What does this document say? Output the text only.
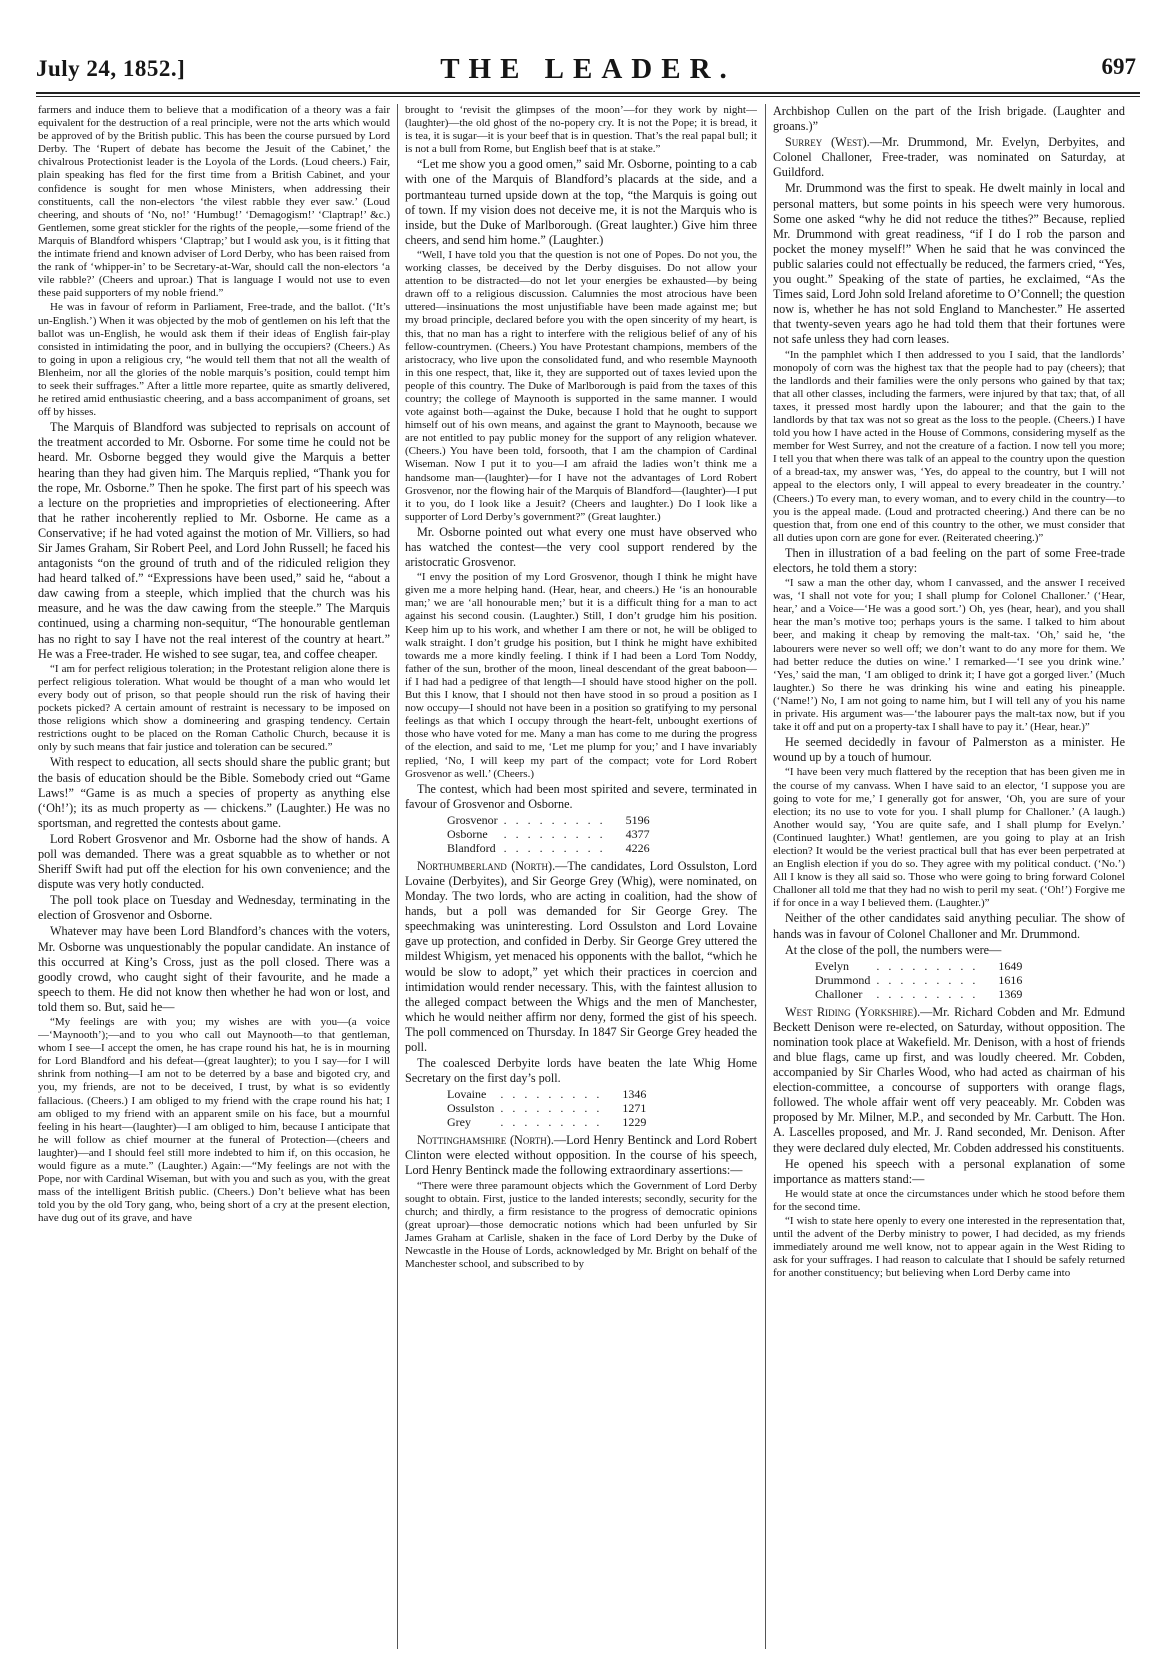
July 24, 1852.]	THE LEADER.	697

farmers and induce them to believe that a modification of a theory was a fair equivalent for the destruction of a real principle, were not the arts which would be approved of by the British public. This has been the course pursued by Lord Derby. The ‘Rupert of debate has become the Jesuit of the Cabinet,’ the chivalrous Protectionist leader is the Loyola of the Lords. (Loud cheers.) Fair, plain speaking has fled for the first time from a British Cabinet, and your confidence is sought for men whose Ministers, when addressing their constituents, call the non-electors ‘the vilest rabble they ever saw.’ (Loud cheering, and shouts of ‘No, no!’ ‘Humbug!’ ‘Demagogism!’ ‘Claptrap!’ &c.) Gentlemen, some great stickler for the rights of the people,—some friend of the Marquis of Blandford whispers ‘Claptrap;’ but I would ask you, is it fitting that the intimate friend and known adviser of Lord Derby, who has been raised from the rank of ‘whipper-in’ to be Secretary-at-War, should call the non-electors ‘a vile rabble?’ (Cheers and uproar.) That is language I would not use to even these paid supporters of my noble friend.”

He was in favour of reform in Parliament, Free-trade, and the ballot. (‘It’s un-English.’) When it was objected by the mob of gentlemen on his left that the ballot was un-English, he would ask them if their ideas of English fair-play consisted in intimidating the poor, and in bullying the occupiers? (Cheers.) As to going in upon a religious cry, “he would tell them that not all the wealth of Blenheim, nor all the glories of the noble marquis’s position, could tempt him to seek their suffrages.” After a little more repartee, quite as smartly delivered, he retired amid enthusiastic cheering, and a bass accompaniment of groans, set off by hisses.

The Marquis of Blandford was subjected to reprisals on account of the treatment accorded to Mr. Osborne. For some time he could not be heard. Mr. Osborne begged they would give the Marquis a better hearing than they had given him. The Marquis replied, “Thank you for the rope, Mr. Osborne.” Then he spoke. The first part of his speech was a lecture on the proprieties and improprieties of electioneering. After that he rather incoherently replied to Mr. Osborne. He came as a Conservative; if he had voted against the motion of Mr. Villiers, so had Sir James Graham, Sir Robert Peel, and Lord John Russell; he faced his antagonists “on the ground of truth and of the ridiculed religion they had heard talked of.” “Expressions have been used,” said he, “about a daw cawing from a steeple, which implied that the church was his measure, and he was the daw cawing from the steeple.” The Marquis continued, using a charming non-sequitur, “The honourable gentleman has no right to say I have not the real interest of the country at heart.” He was a Free-trader. He wished to see sugar, tea, and coffee cheaper.

“I am for perfect religious toleration; in the Protestant religion alone there is perfect religious toleration. What would be thought of a man who would let every body out of prison, so that people should run the risk of having their pockets picked? A certain amount of restraint is necessary to be imposed on those religions which show a domineering and grasping tendency. Certain restrictions ought to be placed on the Roman Catholic Church, because it is only by such means that fair justice and toleration can be secured.”

With respect to education, all sects should share the public grant; but the basis of education should be the Bible. Somebody cried out “Game Laws!” “Game is as much a species of property as anything else (‘Oh!’); its as much property as — chickens.” (Laughter.) He was no sportsman, and regretted the contests about game.

Lord Robert Grosvenor and Mr. Osborne had the show of hands. A poll was demanded. There was a great squabble as to whether or not Sheriff Swift had put off the election for his own convenience; and the dispute was very hotly conducted.

The poll took place on Tuesday and Wednesday, terminating in the election of Grosvenor and Osborne.

Whatever may have been Lord Blandford’s chances with the voters, Mr. Osborne was unquestionably the popular candidate. An instance of this occurred at King’s Cross, just as the poll closed. There was a goodly crowd, who caught sight of their favourite, and he made a speech to them. He did not know then whether he had won or lost, and told them so. But, said he—

“My feelings are with you; my wishes are with you—(a voice—‘Maynooth’);—and to you who call out Maynooth—to that gentleman, whom I see—I accept the omen, he has crape round his hat, he is in mourning for Lord Blandford and his defeat—(great laughter); to you I say—for I will shrink from nothing—I am not to be deterred by a base and bigoted cry, and you, my friends, are not to be deceived, I trust, by what is so evidently fallacious. (Cheers.) I am obliged to my friend with the crape round his hat; I am obliged to my friend with an apparent smile on his face, but a mournful feeling in his heart—(laughter)—I am obliged to him, because I anticipate that he will follow as chief mourner at the funeral of Protection—(cheers and laughter)—and I should feel still more indebted to him if, on this occasion, he would figure as a mute.” (Laughter.) Again:—“My feelings are not with the Pope, nor with Cardinal Wiseman, but with you and such as you, with the great mass of the intelligent British public. (Cheers.) Don’t believe what has been told you by the old Tory gang, who, being short of a cry at the present election, have dug out of its grave, and have

brought to ‘revisit the glimpses of the moon’—for they work by night—(laughter)—the old ghost of the no-popery cry. It is not the Pope; it is bread, it is tea, it is sugar—it is your beef that is in question. That’s the real papal bull; it is not a bull from Rome, but English beef that is at stake.”

“Let me show you a good omen,” said Mr. Osborne, pointing to a cab with one of the Marquis of Blandford’s placards at the side, and a portmanteau turned upside down at the top, “the Marquis is going out of town. If my vision does not deceive me, it is not the Marquis who is inside, but the Duke of Marlborough. (Great laughter.) Give him three cheers, and send him home.” (Laughter.)

“Well, I have told you that the question is not one of Popes. Do not you, the working classes, be deceived by the Derby disguises. Do not allow your attention to be distracted—do not let your energies be exhausted—by being drawn off to a religious discussion. Calumnies the most atrocious have been uttered—insinuations the most unjustifiable have been made against me; but my broad principle, declared before you with the open sincerity of my heart, is this, that no man has a right to interfere with the religious belief of any of his fellow-countrymen. (Cheers.) You have Protestant champions, members of the aristocracy, who live upon the consolidated fund, and who resemble Maynooth in this one respect, that, like it, they are supported out of taxes levied upon the people of this country. The Duke of Marlborough is paid from the taxes of this country; the college of Maynooth is supported in the same manner. I would vote against both—against the Duke, because I hold that he ought to support himself out of his own means, and against the grant to Maynooth, because we are not entitled to pay public money for the support of any religion whatever. (Cheers.) You have been told, forsooth, that I am the champion of Cardinal Wiseman. Now I put it to you—I am afraid the ladies won’t think me a handsome man—(laughter)—for I have not the advantages of Lord Robert Grosvenor, nor the flowing hair of the Marquis of Blandford—(laughter)—I put it to you, do I look like a Jesuit? (Cheers and laughter.) Do I look like a supporter of Lord Derby’s government?” (Great laughter.)

Mr. Osborne pointed out what every one must have observed who has watched the contest—the very cool support rendered by the aristocratic Grosvenor.

“I envy the position of my Lord Grosvenor, though I think he might have given me a more helping hand. (Hear, hear, and cheers.) He ‘is an honourable man;’ we are ‘all honourable men;’ but it is a difficult thing for a man to act against his second cousin. (Laughter.) Still, I don’t grudge him his position. Keep him up to his work, and whether I am there or not, he will be obliged to walk straight. I don’t grudge his position, but I think he might have exhibited towards me a more kindly feeling. I think if I had been a Lord Tom Noddy, father of the sun, brother of the moon, lineal descendant of the great baboon—if I had had a pedigree of that length—I should have stood higher on the poll. But this I know, that I should not then have stood in so proud a position as I now occupy—I should not have been in a position so gratifying to my personal feelings as that which I occupy through the heart-felt, unbought exertions of those who have voted for me. Many a man has come to me during the progress of the election, and said to me, ‘Let me plump for you;’ and I have invariably replied, ‘No, I will keep my part of the compact; vote for Lord Robert Grosvenor as well.’ (Cheers.)

The contest, which had been most spirited and severe, terminated in favour of Grosvenor and Osborne.

Grosvenor	. . . . . . . . .	5196
Osborne	. . . . . . . . .	4377
Blandford	. . . . . . . . .	4226

Northumberland (North).—The candidates, Lord Ossulston, Lord Lovaine (Derbyites), and Sir George Grey (Whig), were nominated, on Monday. The two lords, who are acting in coalition, had the show of hands, but a poll was demanded for Sir George Grey. The speechmaking was uninteresting. Lord Ossulston and Lord Lovaine gave up protection, and confided in Derby. Sir George Grey uttered the mildest Whigism, yet menaced his opponents with the ballot, “which he would be slow to adopt,” yet which their practices in coercion and intimidation would render necessary. This, with the faintest allusion to the alleged compact between the Whigs and the men of Manchester, which he would neither affirm nor deny, formed the gist of his speech. The poll commenced on Thursday. In 1847 Sir George Grey headed the poll.

The coalesced Derbyite lords have beaten the late Whig Home Secretary on the first day’s poll.

Lovaine	. . . . . . . . .	1346
Ossulston	. . . . . . . . .	1271
Grey	. . . . . . . . .	1229

Nottinghamshire (North).—Lord Henry Bentinck and Lord Robert Clinton were elected without opposition. In the course of his speech, Lord Henry Bentinck made the following extraordinary assertions:—

“There were three paramount objects which the Government of Lord Derby sought to obtain. First, justice to the landed interests; secondly, security for the church; and thirdly, a firm resistance to the progress of democratic opinions (great uproar)—those democratic notions which had been unfurled by Sir James Graham at Carlisle, shaken in the face of Lord Derby by the Duke of Newcastle in the House of Lords, acknowledged by Mr. Bright on behalf of the Manchester school, and subscribed to by

Archbishop Cullen on the part of the Irish brigade. (Laughter and groans.)”

Surrey (West).—Mr. Drummond, Mr. Evelyn, Derbyites, and Colonel Challoner, Free-trader, was nominated on Saturday, at Guildford.

Mr. Drummond was the first to speak. He dwelt mainly in local and personal matters, but some points in his speech were very humorous. Some one asked “why he did not reduce the tithes?” Because, replied Mr. Drummond with great readiness, “if I do I rob the parson and pocket the money myself!” When he said that he was convinced the public salaries could not effectually be reduced, the farmers cried, “Yes, you ought.” Speaking of the state of parties, he exclaimed, “As the Times said, Lord John sold Ireland aforetime to O’Connell; the question now is, whether he has not sold England to Manchester.” He asserted that twenty-seven years ago he had told them that their fortunes were not safe unless they had corn leases.

“In the pamphlet which I then addressed to you I said, that the landlords’ monopoly of corn was the highest tax that the people had to pay (cheers); that the landlords and their families were the only persons who gained by that tax; that all other classes, including the farmers, were injured by that tax; that, of all taxes, it pressed most hardly upon the labourer; and that the gain to the landlords by that tax was not so great as the loss to the people. (Cheers.) I have told you how I have acted in the House of Commons, considering myself as the member for West Surrey, and not the creature of a faction. I now tell you more; I tell you that when there was talk of an appeal to the country upon the question of a bread-tax, my answer was, ‘Yes, do appeal to the country, but I will not appeal to the electors only, I will appeal to every breadeater in the country.’ (Cheers.) To every man, to every woman, and to every child in the country—to you is the appeal made. (Loud and protracted cheering.) And there can be no question that, from one end of this country to the other, we must consider that all duties upon corn are gone for ever. (Reiterated cheering.)”

Then in illustration of a bad feeling on the part of some Free-trade electors, he told them a story:

“I saw a man the other day, whom I canvassed, and the answer I received was, ‘I shall not vote for you; I shall plump for Colonel Challoner.’ (‘Hear, hear,’ and a Voice—‘He was a good sort.’) Oh, yes (hear, hear), and you shall hear the man’s motive too; perhaps yours is the same. I talked to him about beer, and making it cheap by removing the malt-tax. ‘Oh,’ said he, ‘the labourers were never so well off; we don’t want to do any more for them. We had better reduce the duties on wine.’ I remarked—‘I see you drink wine.’ ‘Yes,’ said the man, ‘I am obliged to drink it; I have got a gorged liver.’ (Much laughter.) So there he was drinking his wine and eating his pineapple. (‘Name!’) No, I am not going to name him, but I will tell any of you his name in private. His argument was—‘the labourer pays the malt-tax now, but if you take it off and put on a property-tax I shall have to pay it.’ (Hear, hear.)”

He seemed decidedly in favour of Palmerston as a minister. He wound up by a touch of humour.

“I have been very much flattered by the reception that has been given me in the course of my canvass. When I have said to an elector, ‘I suppose you are going to vote for me,’ I generally got for answer, ‘Oh, you are sure of your election; its no use to vote for you. I shall plump for Challoner.’ (A laugh.) Another would say, ‘You are quite safe, and I shall plump for Evelyn.’ (Continued laughter.) What! gentlemen, are you going to play at an Irish election? It would be the veriest practical bull that has ever been perpetrated at an English election if you do so. They agree with my political conduct. (‘No.’) All I know is they all said so. Those who were going to bring forward Colonel Challoner all told me that they had no wish to peril my seat. (‘Oh!’) Forgive me if for once in a way I believed them. (Laughter.)”

Neither of the other candidates said anything peculiar. The show of hands was in favour of Colonel Challoner and Mr. Drummond.

At the close of the poll, the numbers were—

Evelyn	. . . . . . . . .	1649
Drummond	. . . . . . . . .	1616
Challoner	. . . . . . . . .	1369

West Riding (Yorkshire).—Mr. Richard Cobden and Mr. Edmund Beckett Denison were re-elected, on Saturday, without opposition. The nomination took place at Wakefield. Mr. Denison, with a host of friends and blue flags, came up first, and was loudly cheered. Mr. Cobden, accompanied by Sir Charles Wood, who had acted as chairman of his election-committee, a concourse of supporters with orange flags, followed. The whole affair went off very peaceably. Mr. Cobden was proposed by Mr. Milner, M.P., and seconded by Mr. Carbutt. The Hon. A. Lascelles proposed, and Mr. J. Rand seconded, Mr. Denison. After they were declared duly elected, Mr. Cobden addressed his constituents.

He opened his speech with a personal explanation of some importance as matters stand:—

He would state at once the circumstances under which he stood before them for the second time.

“I wish to state here openly to every one interested in the representation that, until the advent of the Derby ministry to power, I had decided, as my friends immediately around me well know, not to appear again in the West Riding to ask for your suffrages. I had reason to calculate that I should be safely returned for another constituency; but believing when Lord Derby came into
